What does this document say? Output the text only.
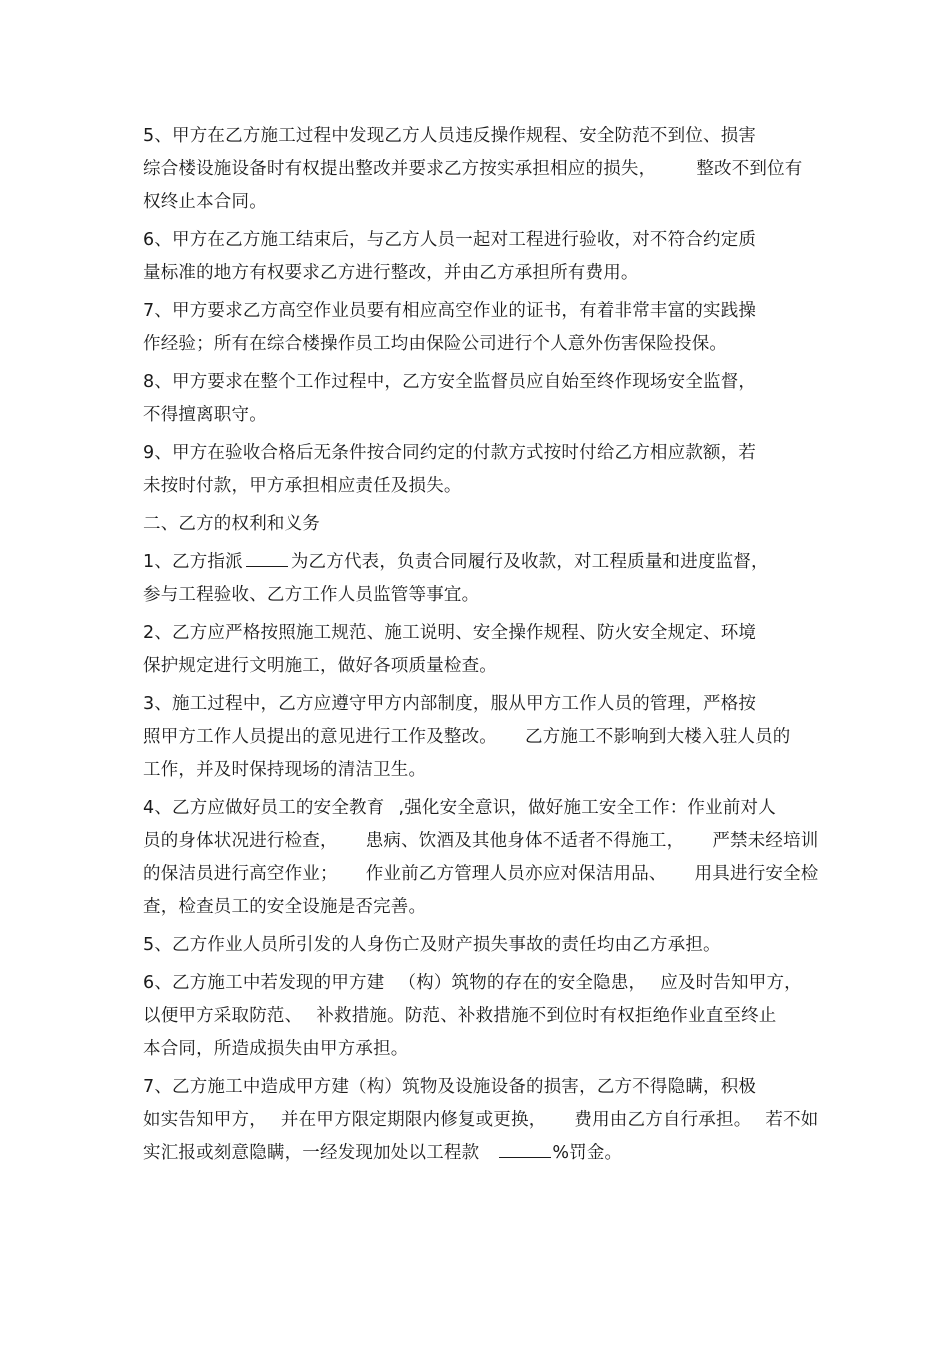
5、甲方在乙方施工过程中发现乙方人员违反操作规程、安全防范不到位、损害
综合楼设施设备时有权提出整改并要求乙方按实承担相应的损失， 整改不到位有
权终止本合同。

6、甲方在乙方施工结束后，与乙方人员一起对工程进行验收，对不符合约定质
量标准的地方有权要求乙方进行整改，并由乙方承担所有费用。

7、甲方要求乙方高空作业员要有相应高空作业的证书，有着非常丰富的实践操
作经验；所有在综合楼操作员工均由保险公司进行个人意外伤害保险投保。

8、甲方要求在整个工作过程中，乙方安全监督员应自始至终作现场安全监督，
不得擅离职守。

9、甲方在验收合格后无条件按合同约定的付款方式按时付给乙方相应款额，若
未按时付款，甲方承担相应责任及损失。

二、乙方的权利和义务

1、乙方指派	为乙方代表，负责合同履行及收款，对工程质量和进度监督，
参与工程验收、乙方工作人员监管等事宜。

2、乙方应严格按照施工规范、施工说明、安全操作规程、防火安全规定、环境
保护规定进行文明施工，做好各项质量检查。

3、施工过程中，乙方应遵守甲方内部制度，服从甲方工作人员的管理，严格按
照甲方工作人员提出的意见进行工作及整改。 乙方施工不影响到大楼入驻人员的
工作，并及时保持现场的清洁卫生。

4、乙方应做好员工的安全教育 ,强化安全意识，做好施工安全工作：作业前对人
员的身体状况进行检查， 患病、饮酒及其他身体不适者不得施工， 严禁未经培训
的保洁员进行高空作业； 作业前乙方管理人员亦应对保洁用品、 用具进行安全检
查，检查员工的安全设施是否完善。

5、乙方作业人员所引发的人身伤亡及财产损失事故的责任均由乙方承担。

6、乙方施工中若发现的甲方建 （构）筑物的存在的安全隐患， 应及时告知甲方，
以便甲方采取防范、 补救措施。防范、补救措施不到位时有权拒绝作业直至终止
本合同，所造成损失由甲方承担。

7、乙方施工中造成甲方建（构）筑物及设施设备的损害，乙方不得隐瞒，积极
如实告知甲方， 并在甲方限定期限内修复或更换， 费用由乙方自行承担。 若不如
实汇报或刻意隐瞒，一经发现加处以工程款	%罚金。
